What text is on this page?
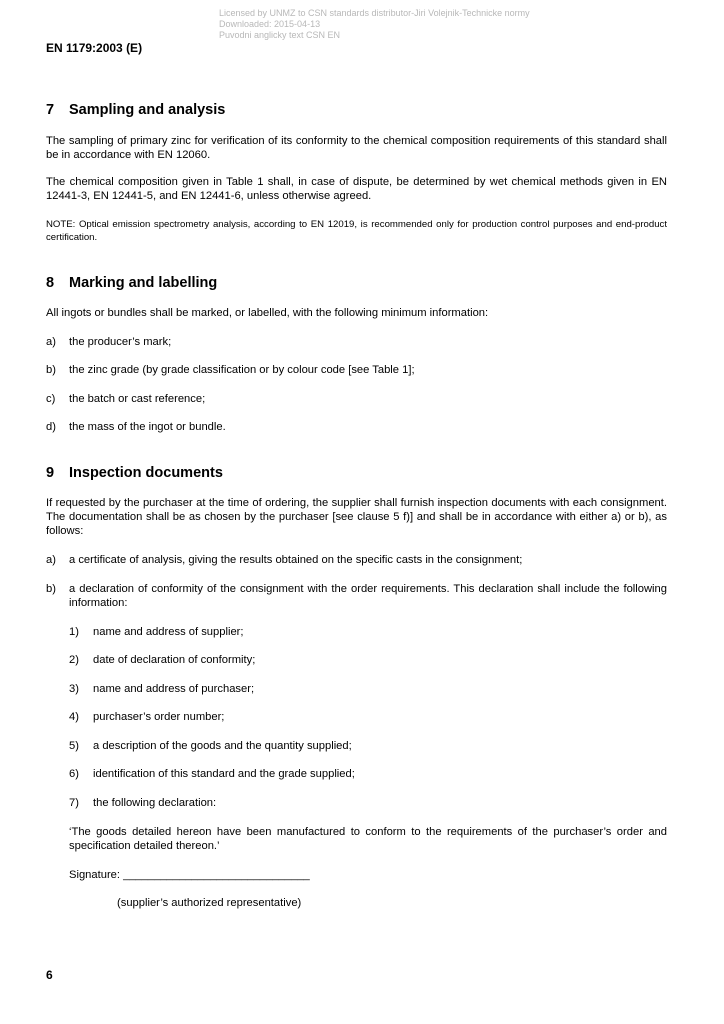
Licensed by UNMZ to CSN standards distributor-Jiri Volejnik-Technicke normy
Downloaded: 2015-04-13
Puvodni anglicky text CSN EN
EN 1179:2003 (E)
7 Sampling and analysis
The sampling of primary zinc for verification of its conformity to the chemical composition requirements of this standard shall be in accordance with EN 12060.
The chemical composition given in Table 1 shall, in case of dispute, be determined by wet chemical methods given in EN 12441-3, EN 12441-5, and EN 12441-6, unless otherwise agreed.
NOTE: Optical emission spectrometry analysis, according to EN 12019, is recommended only for production control purposes and end-product certification.
8 Marking and labelling
All ingots or bundles shall be marked, or labelled, with the following minimum information:
a) the producer’s mark;
b) the zinc grade (by grade classification or by colour code [see Table 1];
c) the batch or cast reference;
d) the mass of the ingot or bundle.
9 Inspection documents
If requested by the purchaser at the time of ordering, the supplier shall furnish inspection documents with each consignment. The documentation shall be as chosen by the purchaser [see clause 5 f)] and shall be in accordance with either a) or b), as follows:
a) a certificate of analysis, giving the results obtained on the specific casts in the consignment;
b) a declaration of conformity of the consignment with the order requirements. This declaration shall include the following information:
1) name and address of supplier;
2) date of declaration of conformity;
3) name and address of purchaser;
4) purchaser’s order number;
5) a description of the goods and the quantity supplied;
6) identification of this standard and the grade supplied;
7) the following declaration:
‘The goods detailed hereon have been manufactured to conform to the requirements of the purchaser’s order and specification detailed thereon.’
Signature: ______________________________
(supplier’s authorized representative)
6
